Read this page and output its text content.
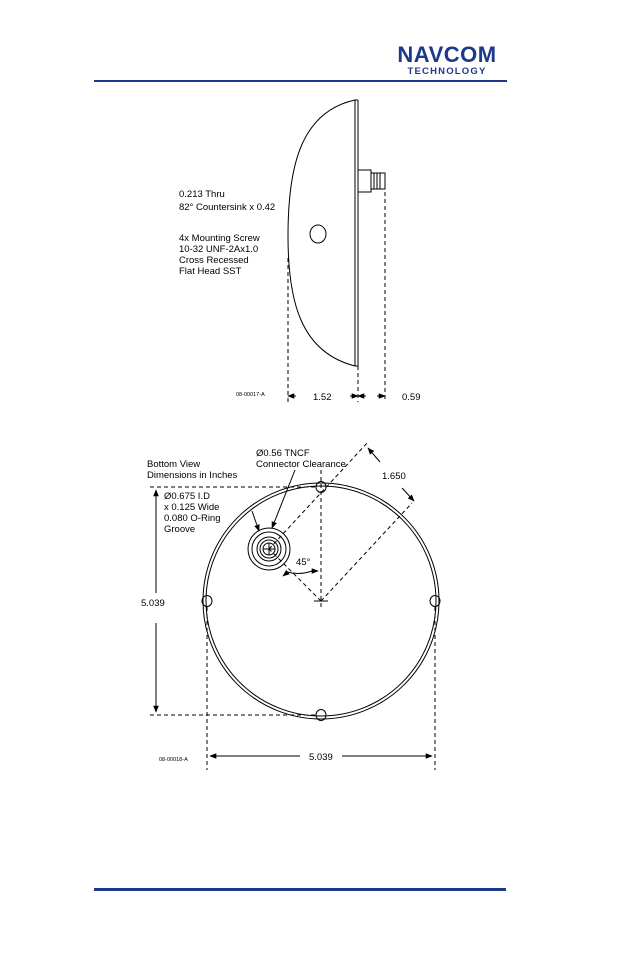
NAVCOM
TECHNOLOGY
0.213 Thru
82° Countersink x 0.42
4x Mounting Screw
10-32 UNF-2Ax1.0
Cross Recessed
Flat Head SST
1.52	0.59
08-00017-A
Bottom View
Dimensions in Inches
Ø0.56 TNCF
Connector Clearance
Ø0.675 I.D
x 0.125 Wide
0.080 O-Ring
Groove
1.650
45°
5.039
5.039
08-00018-A
